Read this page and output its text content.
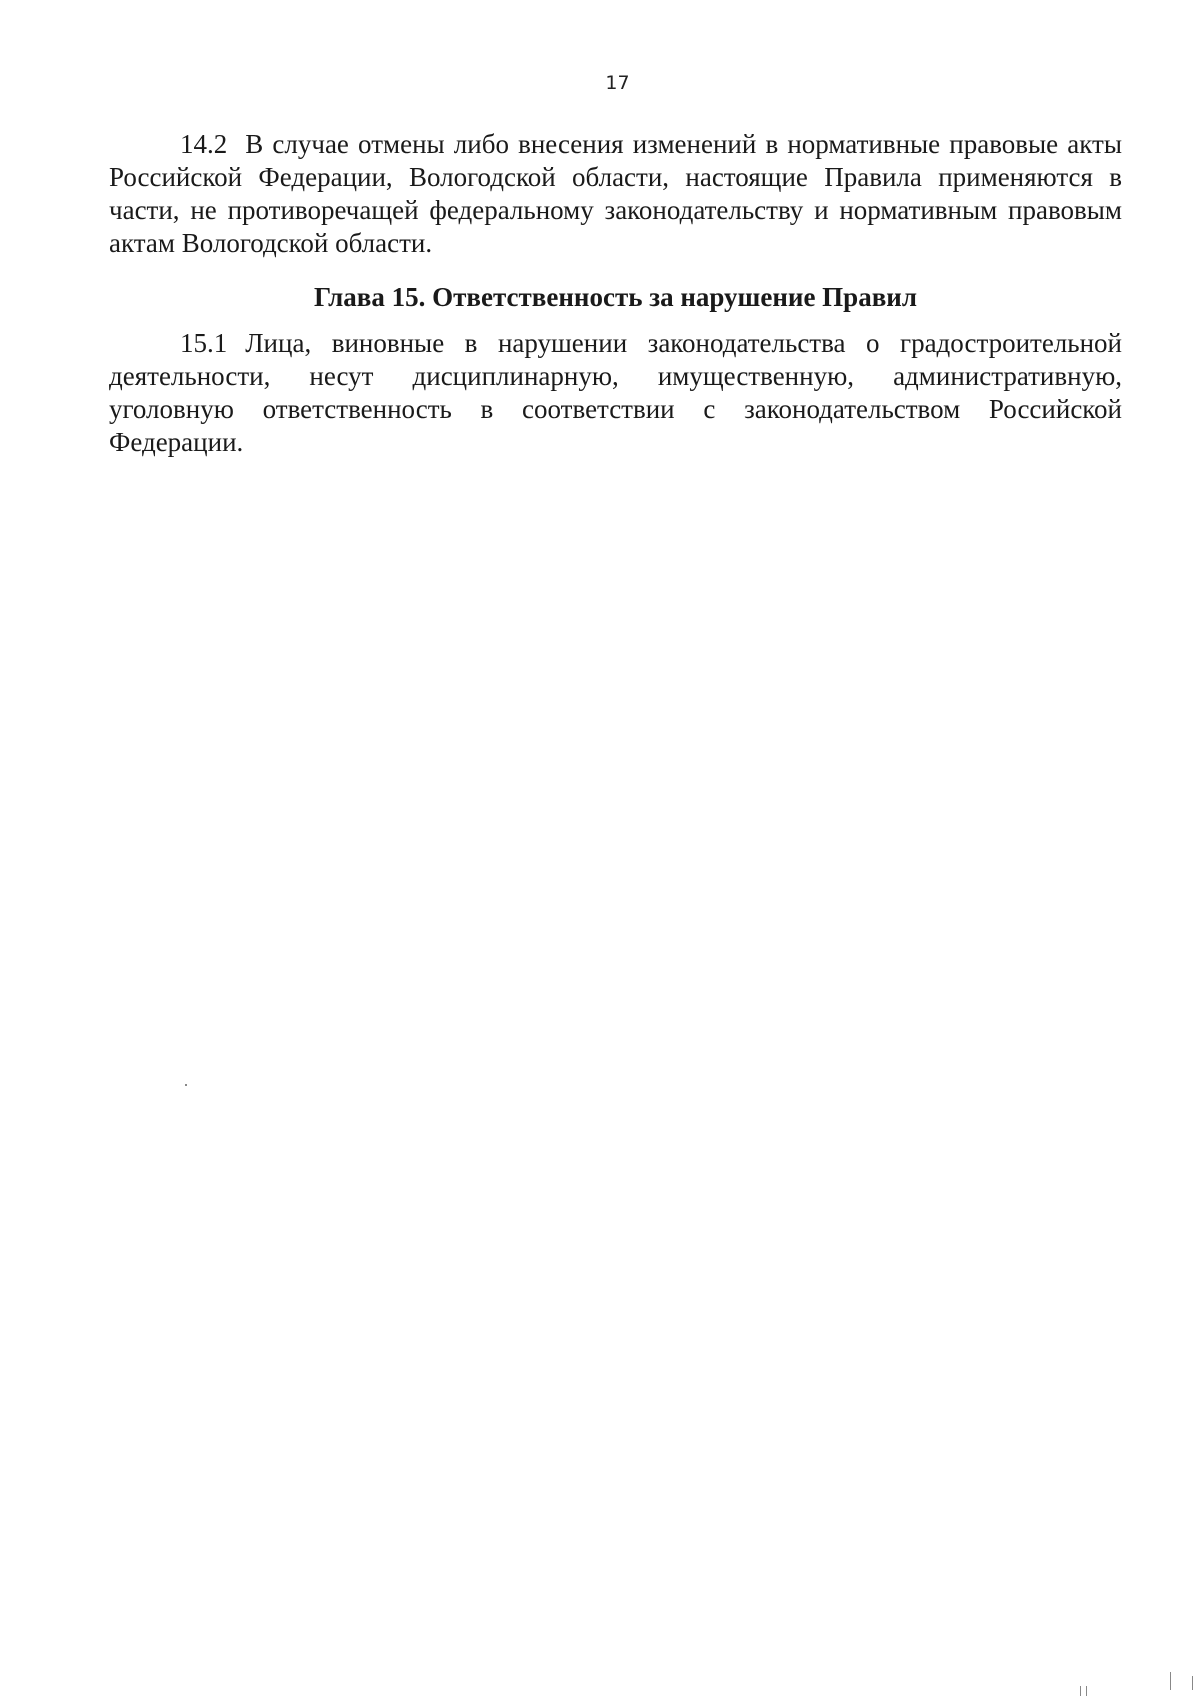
17

14.2 В случае отмены либо внесения изменений в нормативные правовые акты Российской Федерации, Вологодской области, настоящие Правила применяются в части, не противоречащей федеральному законодательству и нормативным правовым актам Вологодской области.

Глава 15. Ответственность за нарушение Правил

15.1 Лица, виновные в нарушении законодательства о градостроительной деятельности, несут дисциплинарную, имущественную, административную, уголовную ответственность в соответствии с законодательством Российской Федерации.
